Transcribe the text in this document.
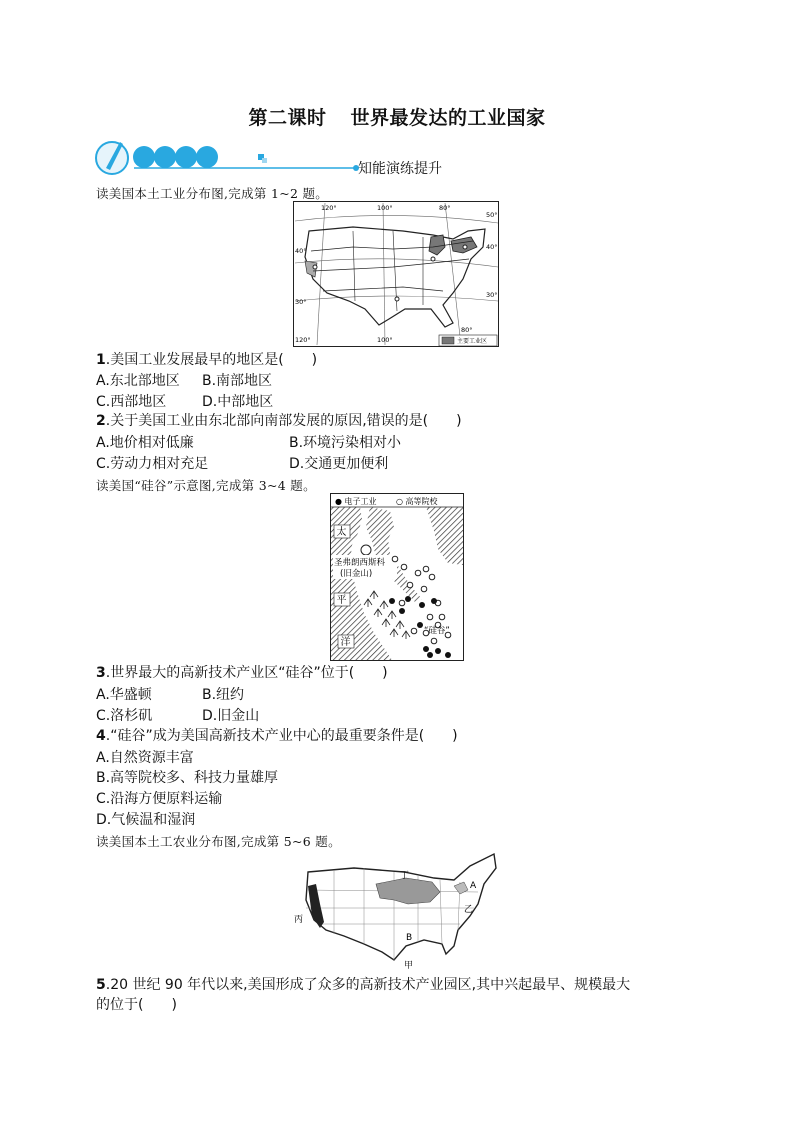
第二课时 世界最发达的工业国家
知能演练提升
读美国本土工业分布图,完成第 1~2 题。
120°	100°	80°
50°
40°
30°
120°	100°
80°
30°
40°
主要工业区
1.美国工业发展最早的地区是(　　)
A.东北部地区 B.南部地区
C.西部地区	D.中部地区
2.关于美国工业由东北部向南部发展的原因,错误的是(　　)
A.地价相对低廉	B.环境污染相对小
C.劳动力相对充足	D.交通更加便利
读美国“硅谷”示意图,完成第 3~4 题。
● 电子工业 ○ 高等院校
太
平
洋
圣弗朗西斯科
(旧金山)
“硅谷”
3.世界最大的高新技术产业区“硅谷”位于(　　)
A.华盛顿	B.纽约
C.洛杉矶	D.旧金山
4.“硅谷”成为美国高新技术产业中心的最重要条件是(　　)
A.自然资源丰富
B.高等院校多、科技力量雄厚
C.沿海方便原料运输
D.气候温和湿润
读美国本土工农业分布图,完成第 5~6 题。
丁
A
乙
丙
B
甲
5.20 世纪 90 年代以来,美国形成了众多的高新技术产业园区,其中兴起最早、规模最大
的位于(　　)
